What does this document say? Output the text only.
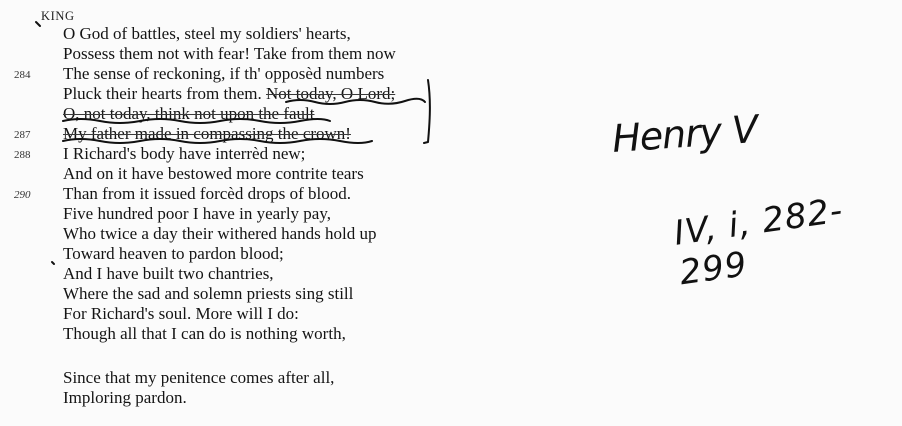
KING
O God of battles, steel my soldiers' hearts,
Possess them not with fear! Take from them now
The sense of reckoning, if th' opposèd numbers
Pluck their hearts from them. Not today, O Lord;
O, not today, think not upon the fault
My father made in compassing the crown!
I Richard's body have interrèd new;
And on it have bestowed more contrite tears
Than from it issued forcèd drops of blood.
Five hundred poor I have in yearly pay,
Who twice a day their withered hands hold up
Toward heaven to pardon blood;
And I have built two chantries,
Where the sad and solemn priests sing still
For Richard's soul. More will I do:
Though all that I can do is nothing worth,
Since that my penitence comes after all,
Imploring pardon.
284
287
288
290
Henry V
IV, i, 282-299
